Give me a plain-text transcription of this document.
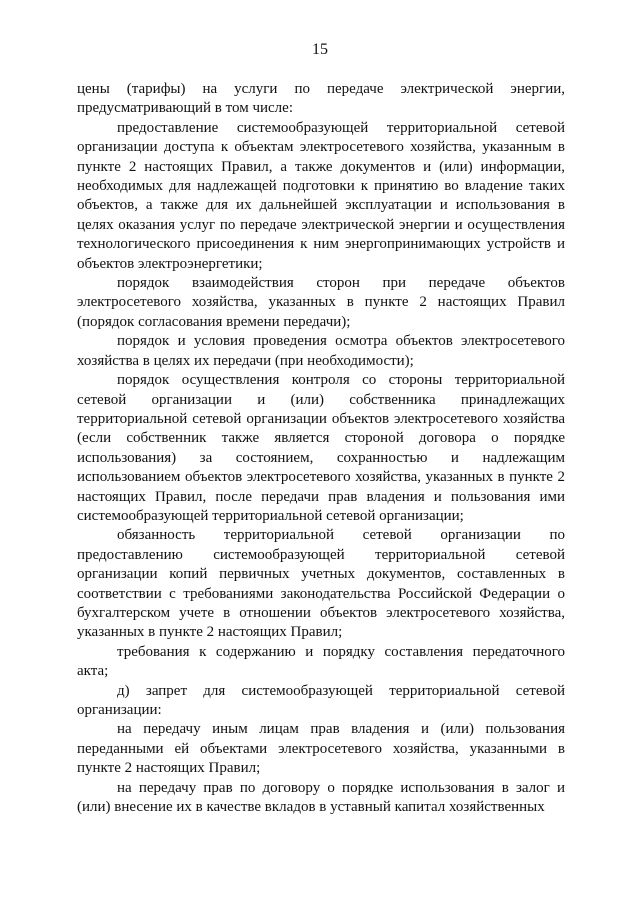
15

цены (тарифы) на услуги по передаче электрической энергии, предусматривающий в том числе:

предоставление системообразующей территориальной сетевой организации доступа к объектам электросетевого хозяйства, указанным в пункте 2 настоящих Правил, а также документов и (или) информации, необходимых для надлежащей подготовки к принятию во владение таких объектов, а также для их дальнейшей эксплуатации и использования в целях оказания услуг по передаче электрической энергии и осуществления технологического присоединения к ним энергопринимающих устройств и объектов электроэнергетики;

порядок взаимодействия сторон при передаче объектов электросетевого хозяйства, указанных в пункте 2 настоящих Правил (порядок согласования времени передачи);

порядок и условия проведения осмотра объектов электросетевого хозяйства в целях их передачи (при необходимости);

порядок осуществления контроля со стороны территориальной сетевой организации и (или) собственника принадлежащих территориальной сетевой организации объектов электросетевого хозяйства (если собственник также является стороной договора о порядке использования) за состоянием, сохранностью и надлежащим использованием объектов электросетевого хозяйства, указанных в пункте 2 настоящих Правил, после передачи прав владения и пользования ими системообразующей территориальной сетевой организации;

обязанность территориальной сетевой организации по предоставлению системообразующей территориальной сетевой организации копий первичных учетных документов, составленных в соответствии с требованиями законодательства Российской Федерации о бухгалтерском учете в отношении объектов электросетевого хозяйства, указанных в пункте 2 настоящих Правил;

требования к содержанию и порядку составления передаточного акта;

д) запрет для системообразующей территориальной сетевой организации:

на передачу иным лицам прав владения и (или) пользования переданными ей объектами электросетевого хозяйства, указанными в пункте 2 настоящих Правил;

на передачу прав по договору о порядке использования в залог и (или) внесение их в качестве вкладов в уставный капитал хозяйственных
